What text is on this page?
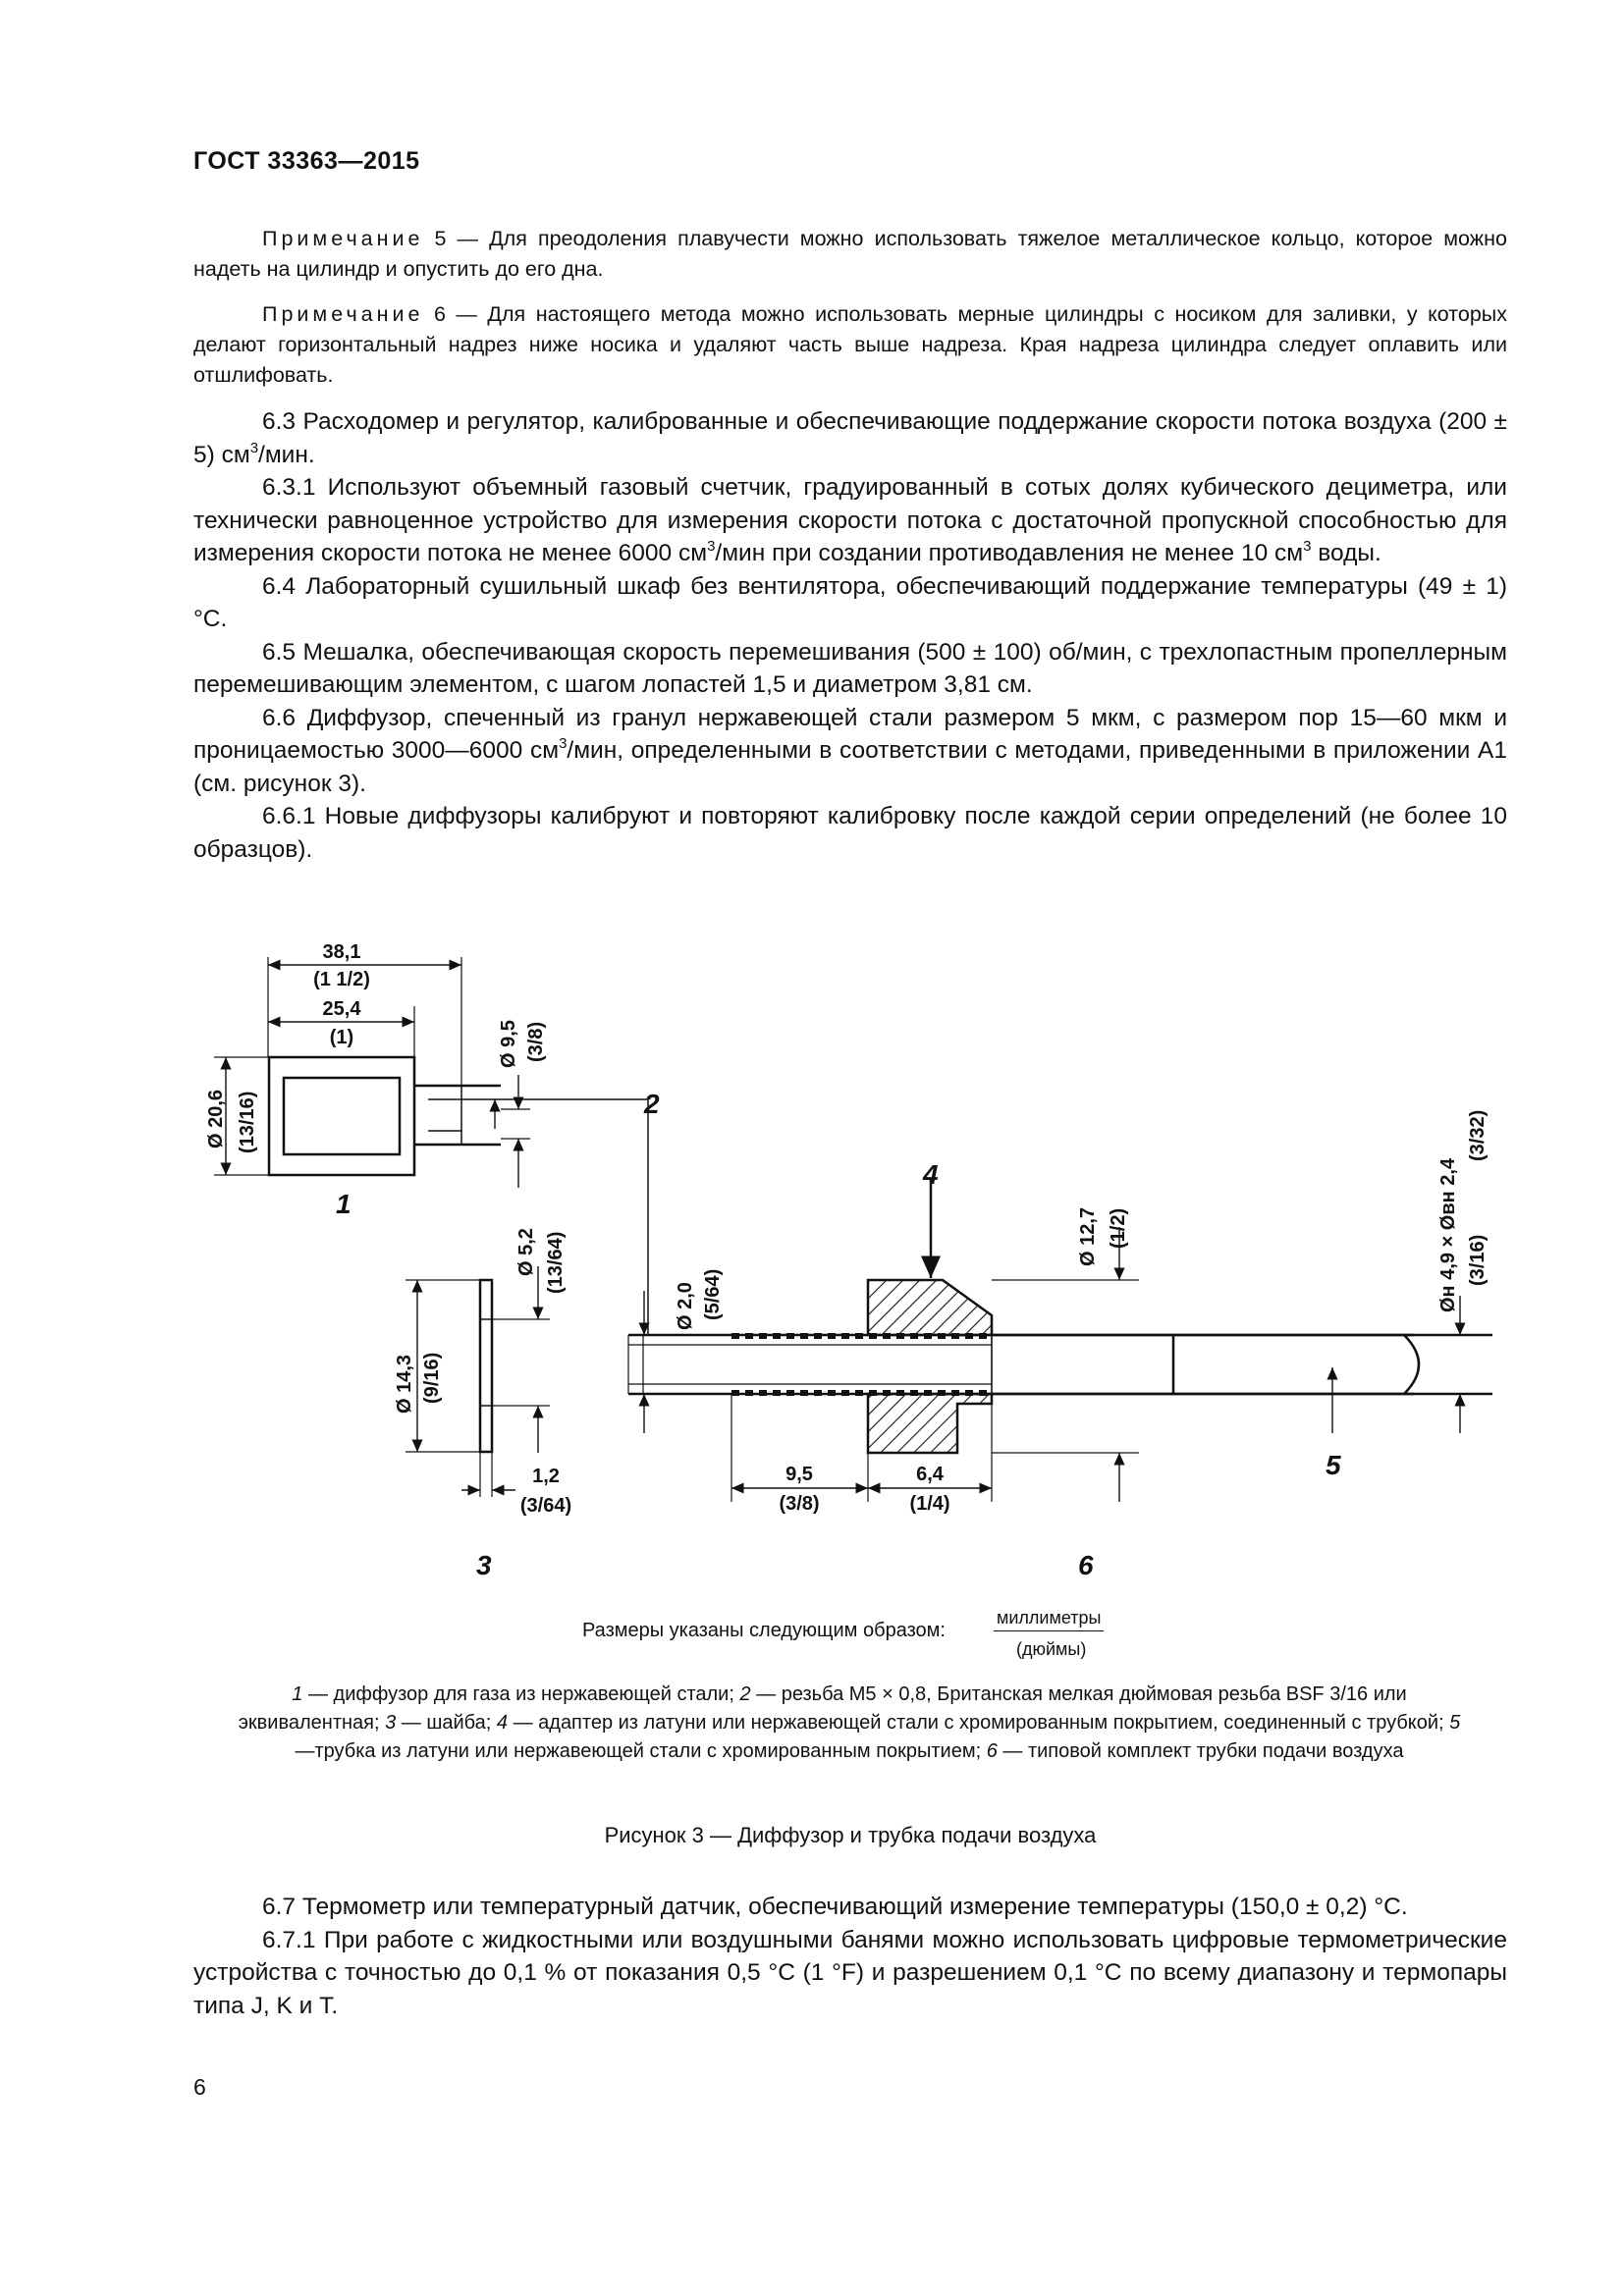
ГОСТ 33363—2015

Примечание 5 — Для преодоления плавучести можно использовать тяжелое металлическое кольцо, которое можно надеть на цилиндр и опустить до его дна.

Примечание 6 — Для настоящего метода можно использовать мерные цилиндры с носиком для заливки, у которых делают горизонтальный надрез ниже носика и удаляют часть выше надреза. Края надреза цилиндра следует оплавить или отшлифовать.

6.3 Расходомер и регулятор, калиброванные и обеспечивающие поддержание скорости потока воздуха (200 ± 5) $см^3$/мин.

6.3.1 Используют объемный газовый счетчик, градуированный в сотых долях кубического дециметра, или технически равноценное устройство для измерения скорости потока с достаточной пропускной способностью для измерения скорости потока не менее 6000 $см^3$/мин при создании противодавления не менее 10 $см^3$ воды.

6.4 Лабораторный сушильный шкаф без вентилятора, обеспечивающий поддержание температуры (49 ± 1) °С.

6.5 Мешалка, обеспечивающая скорость перемешивания (500 ± 100) об/мин, с трехлопастным пропеллерным перемешивающим элементом, с шагом лопастей 1,5 и диаметром 3,81 см.

6.6 Диффузор, спеченный из гранул нержавеющей стали размером 5 мкм, с размером пор 15—60 мкм и проницаемостью 3000—6000 $см^3$/мин, определенными в соответствии с методами, приведенными в приложении А1 (см. рисунок 3).

6.6.1 Новые диффузоры калибруют и повторяют калибровку после каждой серии определений (не более 10 образцов).

38,1
(1 1/2)
25,4
(1)	Ø 9,5 (3/8)
Ø 20,6 (13/16)
Ø 5,2 (13/64)
Ø 14,3 (9/16)
1,2
(3/64)
Ø 2,0 (5/64)
Ø 12,7 (1/2)
9,5
(3/8)
6,4
(1/4)
Øн 4,9 × Øвн 2,4 (3/16)
(3/32)
1
2
3
4
5
6
Размеры указаны следующим образом:
миллиметры
(дюймы)
1 — диффузор для газа из нержавеющей стали; 2 — резьба М5 × 0,8, Британская мелкая дюймовая резьба BSF 3/16 или эквивалентная; 3 — шайба; 4 — адаптер из латуни или нержавеющей стали с хромированным покрытием, соединенный с трубкой; 5 —трубка из латуни или нержавеющей стали с хромированным покрытием; 6 — типовой комплект трубки подачи воздуха
Рисунок 3 — Диффузор и трубка подачи воздуха

6.7 Термометр или температурный датчик, обеспечивающий измерение температуры (150,0 ± 0,2) °С.

6.7.1 При работе с жидкостными или воздушными банями можно использовать цифровые термометрические устройства с точностью до 0,1 % от показания 0,5 °С (1 °F) и разрешением 0,1 °С по всему диапазону и термопары типа J, K и T.

6
